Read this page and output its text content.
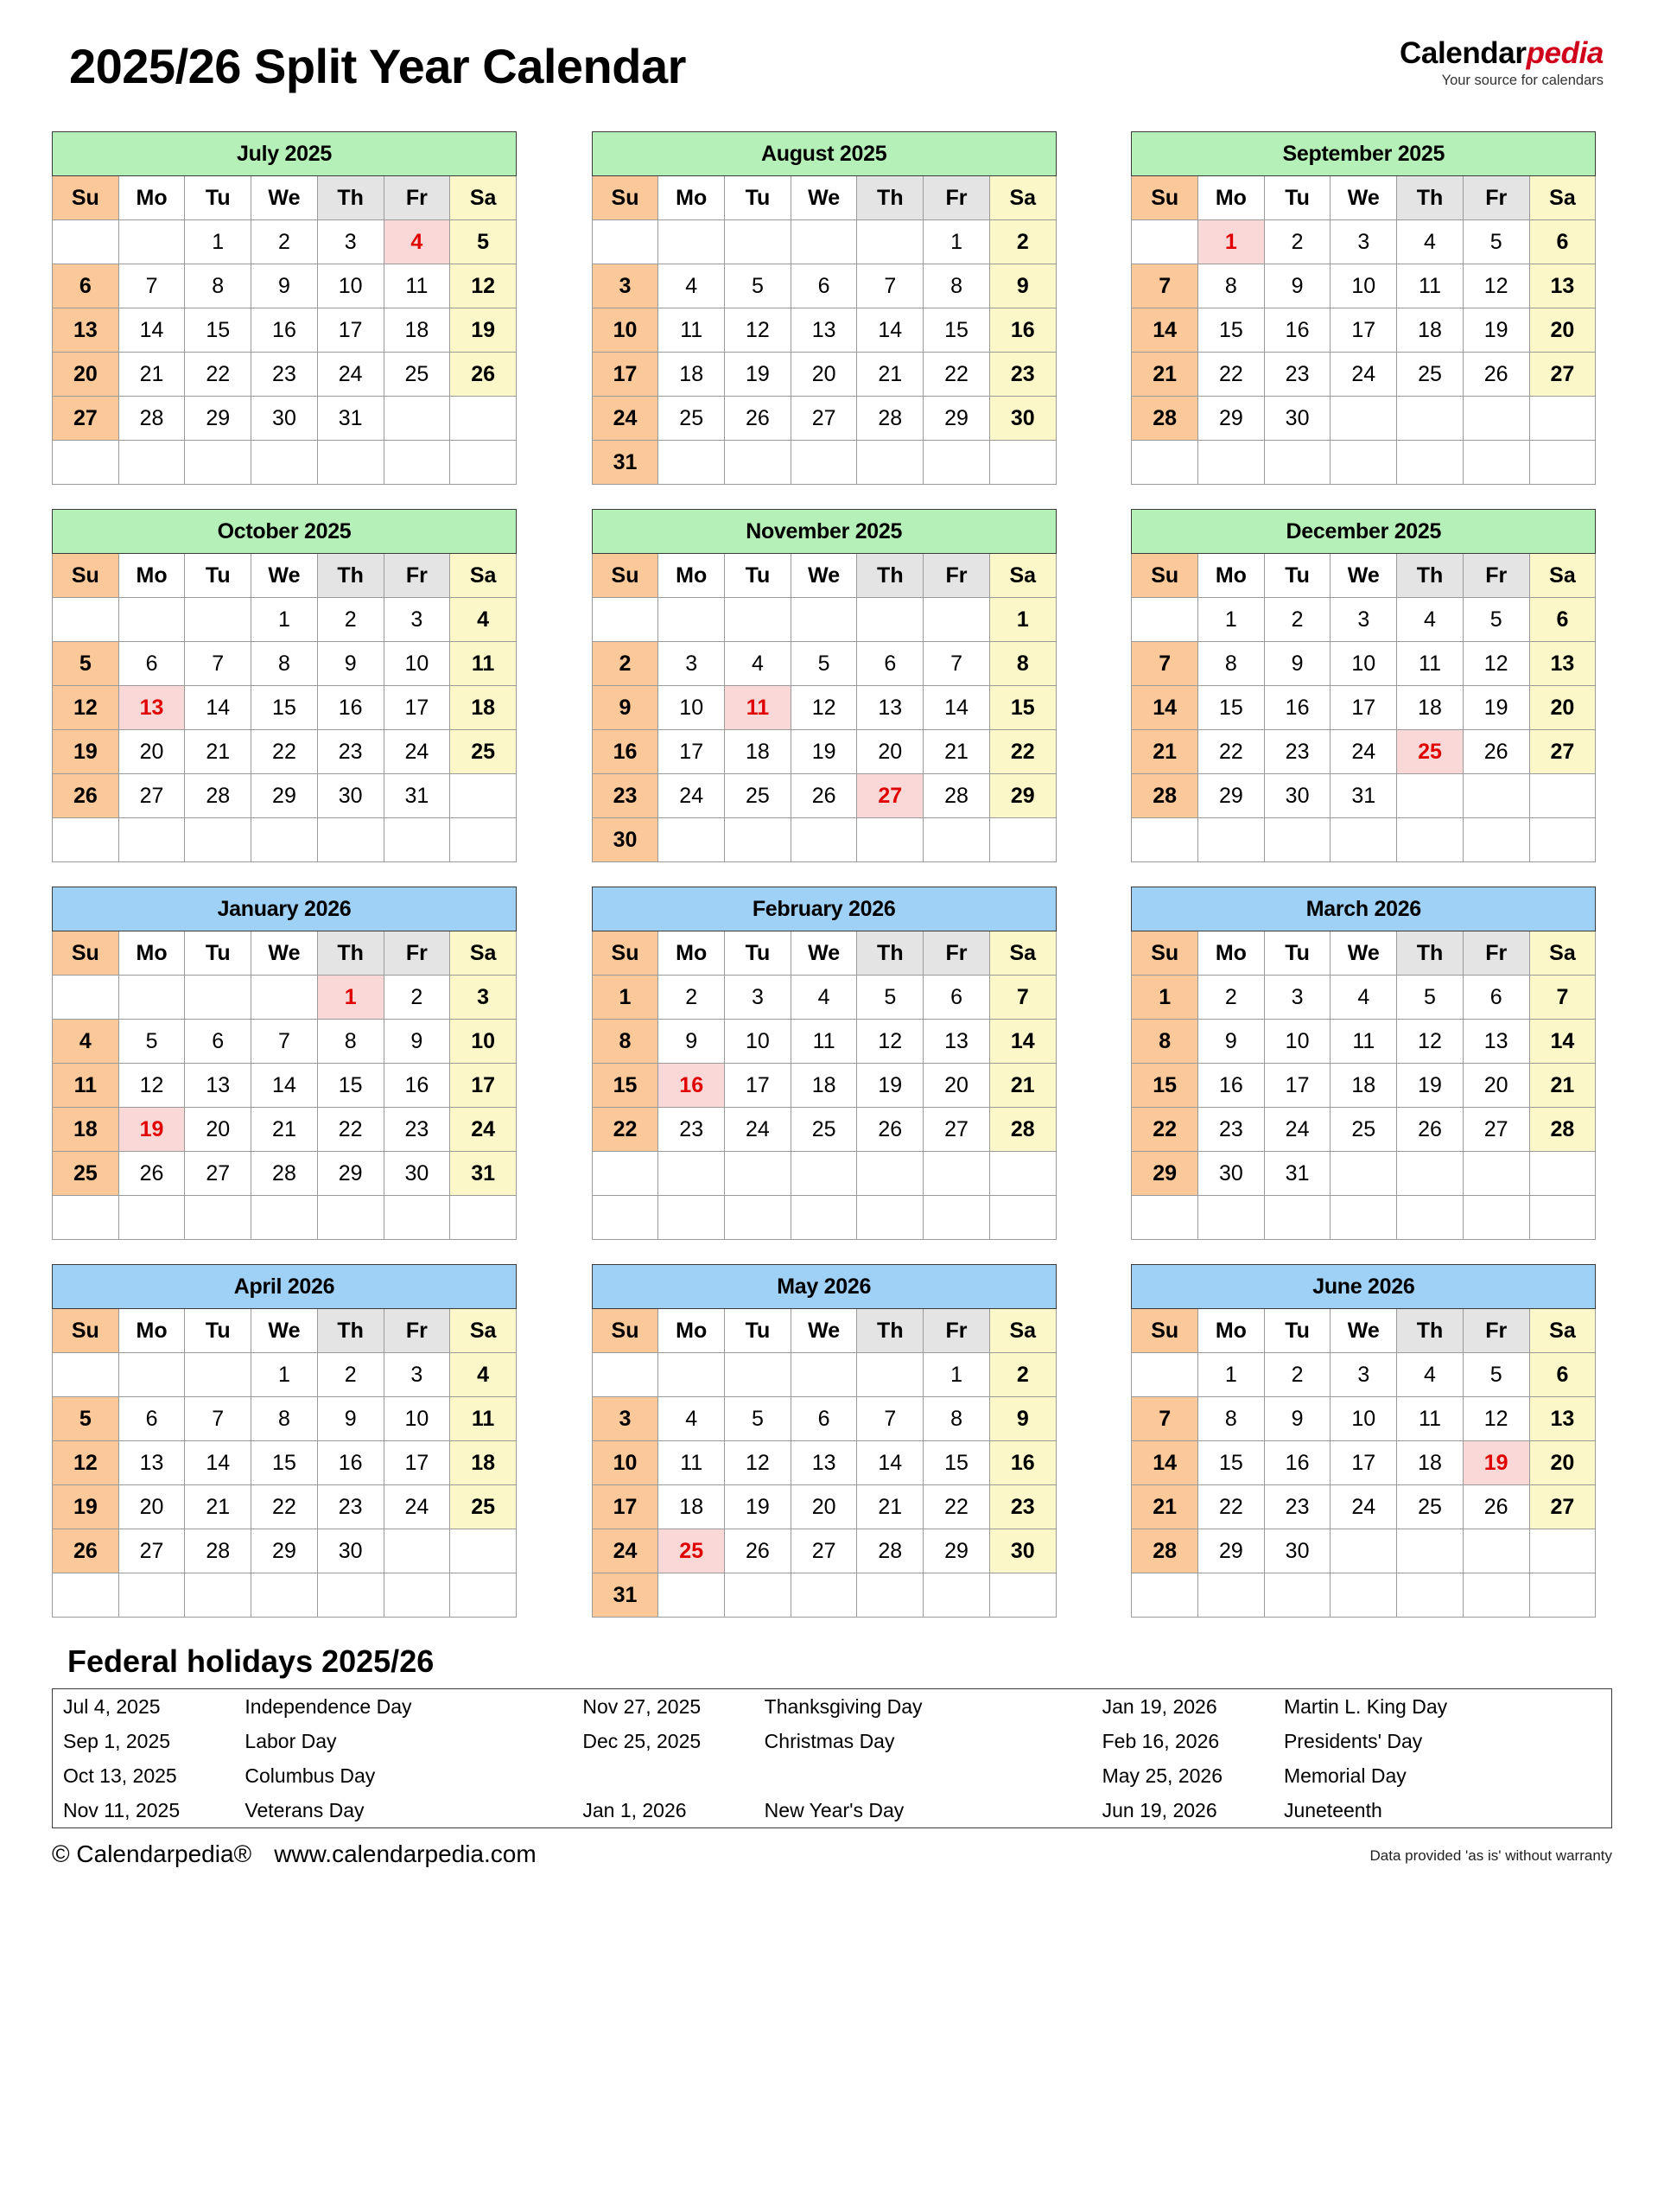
2025/26 Split Year Calendar	Calendarpedia
Your source for calendars
July 2025						
Su	Mo	Tu	We	Th	Fr	Sa
		1	2	3	4	5
6	7	8	9	10	11	12
13	14	15	16	17	18	19
20	21	22	23	24	25	26
27	28	29	30	31		

August 2025						
Su	Mo	Tu	We	Th	Fr	Sa
					1	2
3	4	5	6	7	8	9
10	11	12	13	14	15	16
17	18	19	20	21	22	23
24	25	26	27	28	29	30
31						
September 2025						
Su	Mo	Tu	We	Th	Fr	Sa
	1	2	3	4	5	6
7	8	9	10	11	12	13
14	15	16	17	18	19	20
21	22	23	24	25	26	27
28	29	30				

October 2025						
Su	Mo	Tu	We	Th	Fr	Sa
			1	2	3	4
5	6	7	8	9	10	11
12	13	14	15	16	17	18
19	20	21	22	23	24	25
26	27	28	29	30	31	

November 2025						
Su	Mo	Tu	We	Th	Fr	Sa
						1
2	3	4	5	6	7	8
9	10	11	12	13	14	15
16	17	18	19	20	21	22
23	24	25	26	27	28	29
30						
December 2025						
Su	Mo	Tu	We	Th	Fr	Sa
	1	2	3	4	5	6
7	8	9	10	11	12	13
14	15	16	17	18	19	20
21	22	23	24	25	26	27
28	29	30	31			

January 2026						
Su	Mo	Tu	We	Th	Fr	Sa
				1	2	3
4	5	6	7	8	9	10
11	12	13	14	15	16	17
18	19	20	21	22	23	24
25	26	27	28	29	30	31

February 2026						
Su	Mo	Tu	We	Th	Fr	Sa
1	2	3	4	5	6	7
8	9	10	11	12	13	14
15	16	17	18	19	20	21
22	23	24	25	26	27	28

March 2026						
Su	Mo	Tu	We	Th	Fr	Sa
1	2	3	4	5	6	7
8	9	10	11	12	13	14
15	16	17	18	19	20	21
22	23	24	25	26	27	28
29	30	31				

April 2026						
Su	Mo	Tu	We	Th	Fr	Sa
			1	2	3	4
5	6	7	8	9	10	11
12	13	14	15	16	17	18
19	20	21	22	23	24	25
26	27	28	29	30		

May 2026						
Su	Mo	Tu	We	Th	Fr	Sa
					1	2
3	4	5	6	7	8	9
10	11	12	13	14	15	16
17	18	19	20	21	22	23
24	25	26	27	28	29	30
31						
June 2026						
Su	Mo	Tu	We	Th	Fr	Sa
	1	2	3	4	5	6
7	8	9	10	11	12	13
14	15	16	17	18	19	20
21	22	23	24	25	26	27
28	29	30				

Federal holidays 2025/26
Jul 4, 2025	Independence Day	Nov 27, 2025	Thanksgiving Day	Jan 19, 2026	Martin L. King Day
Sep 1, 2025	Labor Day	Dec 25, 2025	Christmas Day	Feb 16, 2026	Presidents' Day
Oct 13, 2025	Columbus Day			May 25, 2026	Memorial Day
Nov 11, 2025	Veterans Day	Jan 1, 2026	New Year's Day	Jun 19, 2026	Juneteenth
© Calendarpedia® www.calendarpedia.com	Data provided 'as is' without warranty
